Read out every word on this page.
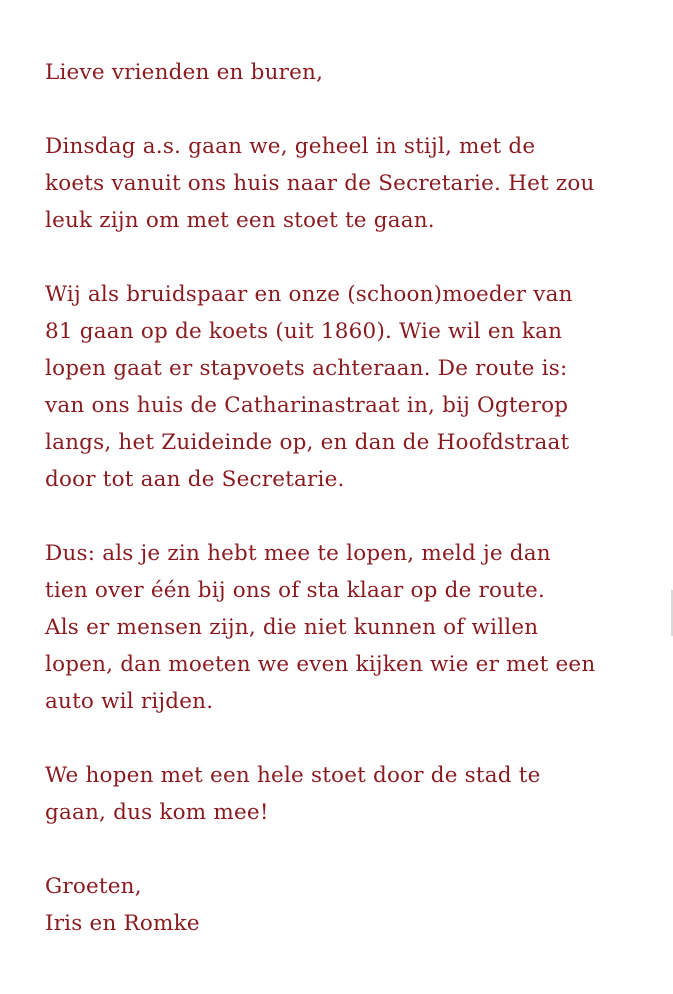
Lieve vrienden en buren,
Dinsdag a.s. gaan we, geheel in stijl, met de
koets vanuit ons huis naar de Secretarie. Het zou
leuk zijn om met een stoet te gaan.
Wij als bruidspaar en onze (schoon)moeder van
81 gaan op de koets (uit 1860). Wie wil en kan
lopen gaat er stapvoets achteraan. De route is:
van ons huis de Catharinastraat in, bij Ogterop
langs, het Zuideinde op, en dan de Hoofdstraat
door tot aan de Secretarie.
Dus: als je zin hebt mee te lopen, meld je dan
tien over één bij ons of sta klaar op de route.
Als er mensen zijn, die niet kunnen of willen
lopen, dan moeten we even kijken wie er met een
auto wil rijden.
We hopen met een hele stoet door de stad te
gaan, dus kom mee!
Groeten,
Iris en Romke
